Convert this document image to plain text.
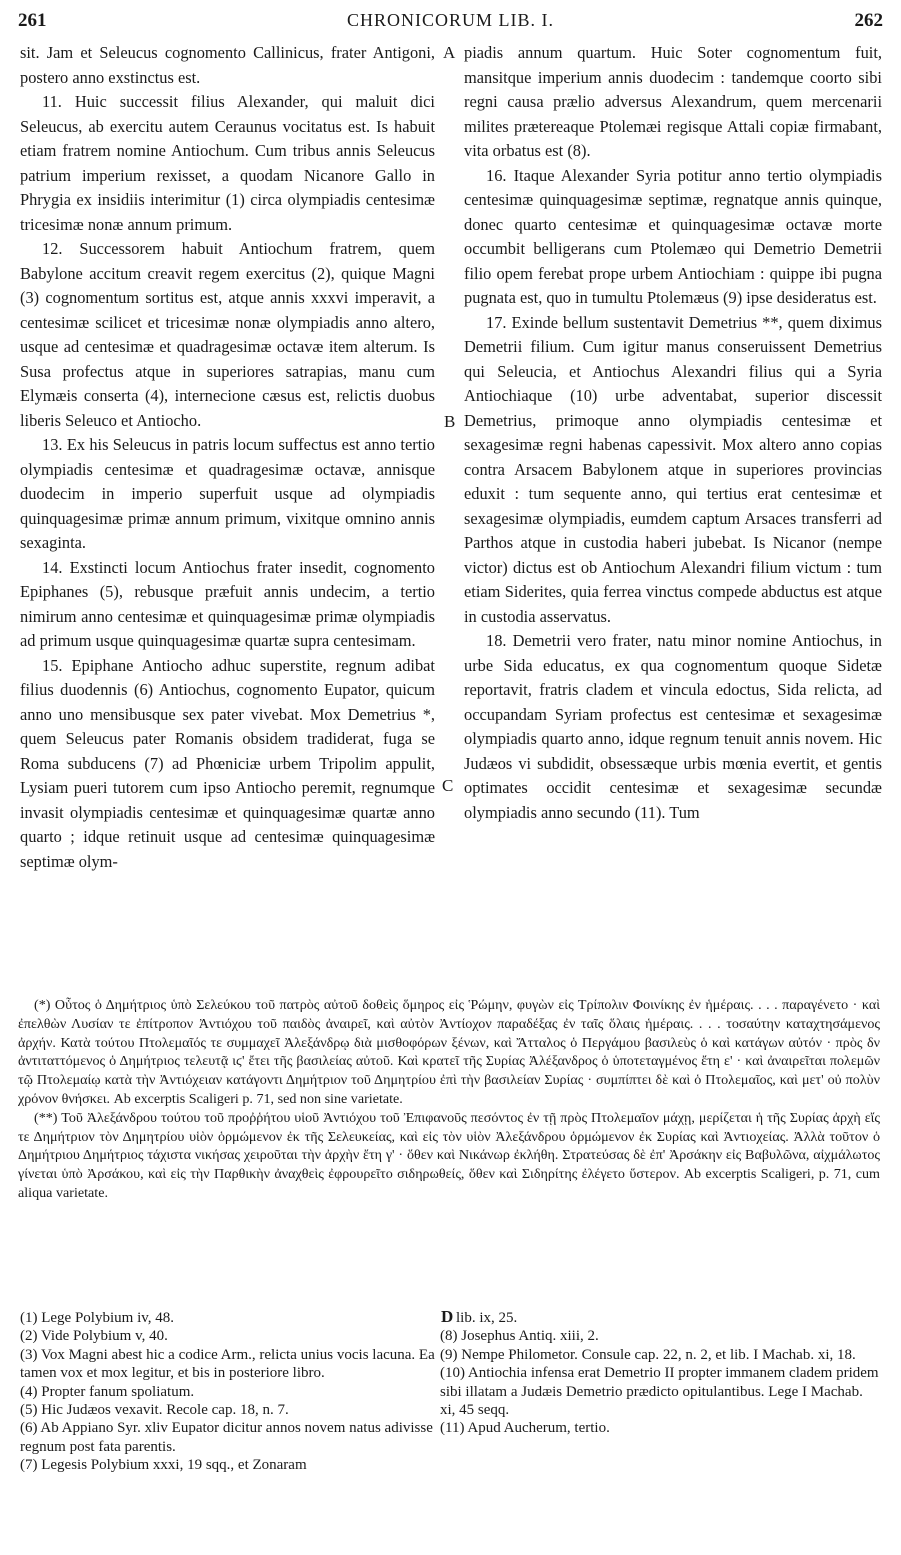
261	CHRONICORUM LIB. I.	262

sit. Jam et Seleucus cognomento Callinicus, frater Antigoni, postero anno exstinctus est.

11. Huic successit filius Alexander, qui maluit dici Seleucus, ab exercitu autem Ceraunus vocitatus est. Is habuit etiam fratrem nomine Antiochum. Cum tribus annis Seleucus patrium imperium rexisset, a quodam Nicanore Gallo in Phrygia ex insidiis interimitur (1) circa olympiadis centesimæ tricesimæ nonæ annum primum.

12. Successorem habuit Antiochum fratrem, quem Babylone accitum creavit regem exercitus (2), quique Magni (3) cognomentum sortitus est, atque annis xxxvi imperavit, a centesimæ scilicet et tricesimæ nonæ olympiadis anno altero, usque ad centesimæ et quadragesimæ octavæ item alterum. Is Susa profectus atque in superiores satrapias, manu cum Elymæis conserta (4), internecione cæsus est, relictis duobus liberis Seleuco et Antiocho.

13. Ex his Seleucus in patris locum suffectus est anno tertio olympiadis centesimæ et quadragesimæ octavæ, annisque duodecim in imperio superfuit usque ad olympiadis quinquagesimæ primæ annum primum, vixitque omnino annis sexaginta.

14. Exstincti locum Antiochus frater insedit, cognomento Epiphanes (5), rebusque præfuit annis undecim, a tertio nimirum anno centesimæ et quinquagesimæ primæ olympiadis ad primum usque quinquagesimæ quartæ supra centesimam.

15. Epiphane Antiocho adhuc superstite, regnum adibat filius duodennis (6) Antiochus, cognomento Eupator, quicum anno uno mensibusque sex pater vivebat. Mox Demetrius *, quem Seleucus pater Romanis obsidem tradiderat, fuga se Roma subducens (7) ad Phœniciæ urbem Tripolim appulit, Lysiam pueri tutorem cum ipso Antiocho peremit, regnumque invasit olympiadis centesimæ et quinquagesimæ quartæ anno quarto ; idque retinuit usque ad centesimæ quinquagesimæ septimæ olym-

A
B
C

piadis annum quartum. Huic Soter cognomentum fuit, mansitque imperium annis duodecim : tandemque coorto sibi regni causa prælio adversus Alexandrum, quem mercenarii milites prætereaque Ptolemæi regisque Attali copiæ firmabant, vita orbatus est (8).

16. Itaque Alexander Syria potitur anno tertio olympiadis centesimæ quinquagesimæ septimæ, regnatque annis quinque, donec quarto centesimæ et quinquagesimæ octavæ morte occumbit belligerans cum Ptolemæo qui Demetrio Demetrii filio opem ferebat prope urbem Antiochiam : quippe ibi pugna pugnata est, quo in tumultu Ptolemæus (9) ipse desideratus est.

17. Exinde bellum sustentavit Demetrius **, quem diximus Demetrii filium. Cum igitur manus conseruissent Demetrius qui Seleucia, et Antiochus Alexandri filius qui a Syria Antiochiaque (10) urbe adventabat, superior discessit Demetrius, primoque anno olympiadis centesimæ et sexagesimæ regni habenas capessivit. Mox altero anno copias contra Arsacem Babylonem atque in superiores provincias eduxit : tum sequente anno, qui tertius erat centesimæ et sexagesimæ olympiadis, eumdem captum Arsaces transferri ad Parthos atque in custodia haberi jubebat. Is Nicanor (nempe victor) dictus est ob Antiochum Alexandri filium victum : tum etiam Siderites, quia ferrea vinctus compede abductus est atque in custodia asservatus.

18. Demetrii vero frater, natu minor nomine Antiochus, in urbe Sida educatus, ex qua cognomentum quoque Sidetæ reportavit, fratris cladem et vincula edoctus, Sida relicta, ad occupandam Syriam profectus est centesimæ et sexagesimæ olympiadis quarto anno, idque regnum tenuit annis novem. Hic Judæos vi subdidit, obsessæque urbis mœnia evertit, et gentis optimates occidit centesimæ et sexagesimæ secundæ olympiadis anno secundo (11). Tum

(*) Οὗτος ὁ Δημήτριος ὑπὸ Σελεύκου τοῦ πατρὸς αὐτοῦ δοθεὶς ὅμηρος εἰς Ῥώμην, φυγὼν εἰς Τρίπολιν Φοινίκης ἐν ἡμέραις. . . . παραγένετο · καὶ ἐπελθὼν Λυσίαν τε ἐπίτροπον Ἀντιόχου τοῦ παιδὸς ἀναιρεῖ, καὶ αὐτὸν Ἀντίοχον παραδέξας ἐν ταῖς ὅλαις ἡμέραις. . . . τοσαύτην καταχτησάμενος ἀρχήν. Κατὰ τούτου Πτολεμαῖός τε συμμαχεῖ Ἀλεξάνδρῳ διὰ μισθοφόρων ξένων, καὶ Ἄτταλος ὁ Περγάμου βασιλεὺς ὁ καὶ κατάγων αὐτόν · πρὸς δν ἀντιταττόμενος ὁ Δημήτριος τελευτᾷ ιϛ' ἔτει τῆς βασιλείας αὐτοῦ. Καὶ κρατεῖ τῆς Συρίας Ἀλέξανδρος ὁ ὑποτεταγμένος ἔτη ε' · καὶ ἀναιρεῖται πολεμῶν τῷ Πτολεμαίῳ κατὰ τὴν Ἀντιόχειαν κατάγοντι Δημήτριον τοῦ Δημητρίου ἐπὶ τὴν βασιλείαν Συρίας · συμπίπτει δὲ καὶ ὁ Πτολεμαῖος, καὶ μετ' οὐ πολὺν χρόνον θνήσκει. Ab excerptis Scaligeri p. 71, sed non sine varietate.

(**) Τοῦ Ἀλεξάνδρου τούτου τοῦ προῤῥήτου υἱοῦ Ἀντιόχου τοῦ Ἐπιφανοῦς πεσόντος ἐν τῇ πρὸς Πτολεμαῖον μάχῃ, μερίζεται ἡ τῆς Συρίας ἀρχὴ εἴς τε Δημήτριον τὸν Δημητρίου υἱὸν ὁρμώμενον ἐκ τῆς Σελευκείας, καὶ εἰς τὸν υἱὸν Ἀλεξάνδρου ὁρμώμενον ἐκ Συρίας καὶ Ἀντιοχείας. Ἀλλὰ τοῦτον ὁ Δημήτριου Δημήτριος τάχιστα νικήσας χειροῦται τὴν ἀρχὴν ἔτη γ' · ὅθεν καὶ Νικάνωρ ἐκλήθη. Στρατεύσας δὲ ἐπ' Ἀρσάκην εἰς Βαβυλῶνα, αἰχμάλωτος γίνεται ὑπὸ Ἀρσάκου, καὶ εἰς τὴν Παρθικὴν ἀναχθεὶς ἐφρουρεῖτο σιδηρωθείς, ὅθεν καὶ Σιδηρίτης ἐλέγετο ὕστερον. Ab excerptis Scaligeri, p. 71, cum aliqua varietate.

(1) Lege Polybium iv, 48.
(2) Vide Polybium v, 40.
(3) Vox Magni abest hic a codice Arm., relicta unius vocis lacuna. Ea tamen vox et mox legitur, et bis in posteriore libro.
(4) Propter fanum spoliatum.
(5) Hic Judæos vexavit. Recole cap. 18, n. 7.
(6) Ab Appiano Syr. xliv Eupator dicitur annos novem natus adivisse regnum post fata parentis.
(7) Legesis Polybium xxxi, 19 sqq., et Zonaram
D lib. ix, 25.
(8) Josephus Antiq. xiii, 2.
(9) Nempe Philometor. Consule cap. 22, n. 2, et lib. I Machab. xi, 18.
(10) Antiochia infensa erat Demetrio II propter immanem cladem pridem sibi illatam a Judæis Demetrio prædicto opitulantibus. Lege I Machab. xi, 45 seqq.
(11) Apud Aucherum, tertio.
